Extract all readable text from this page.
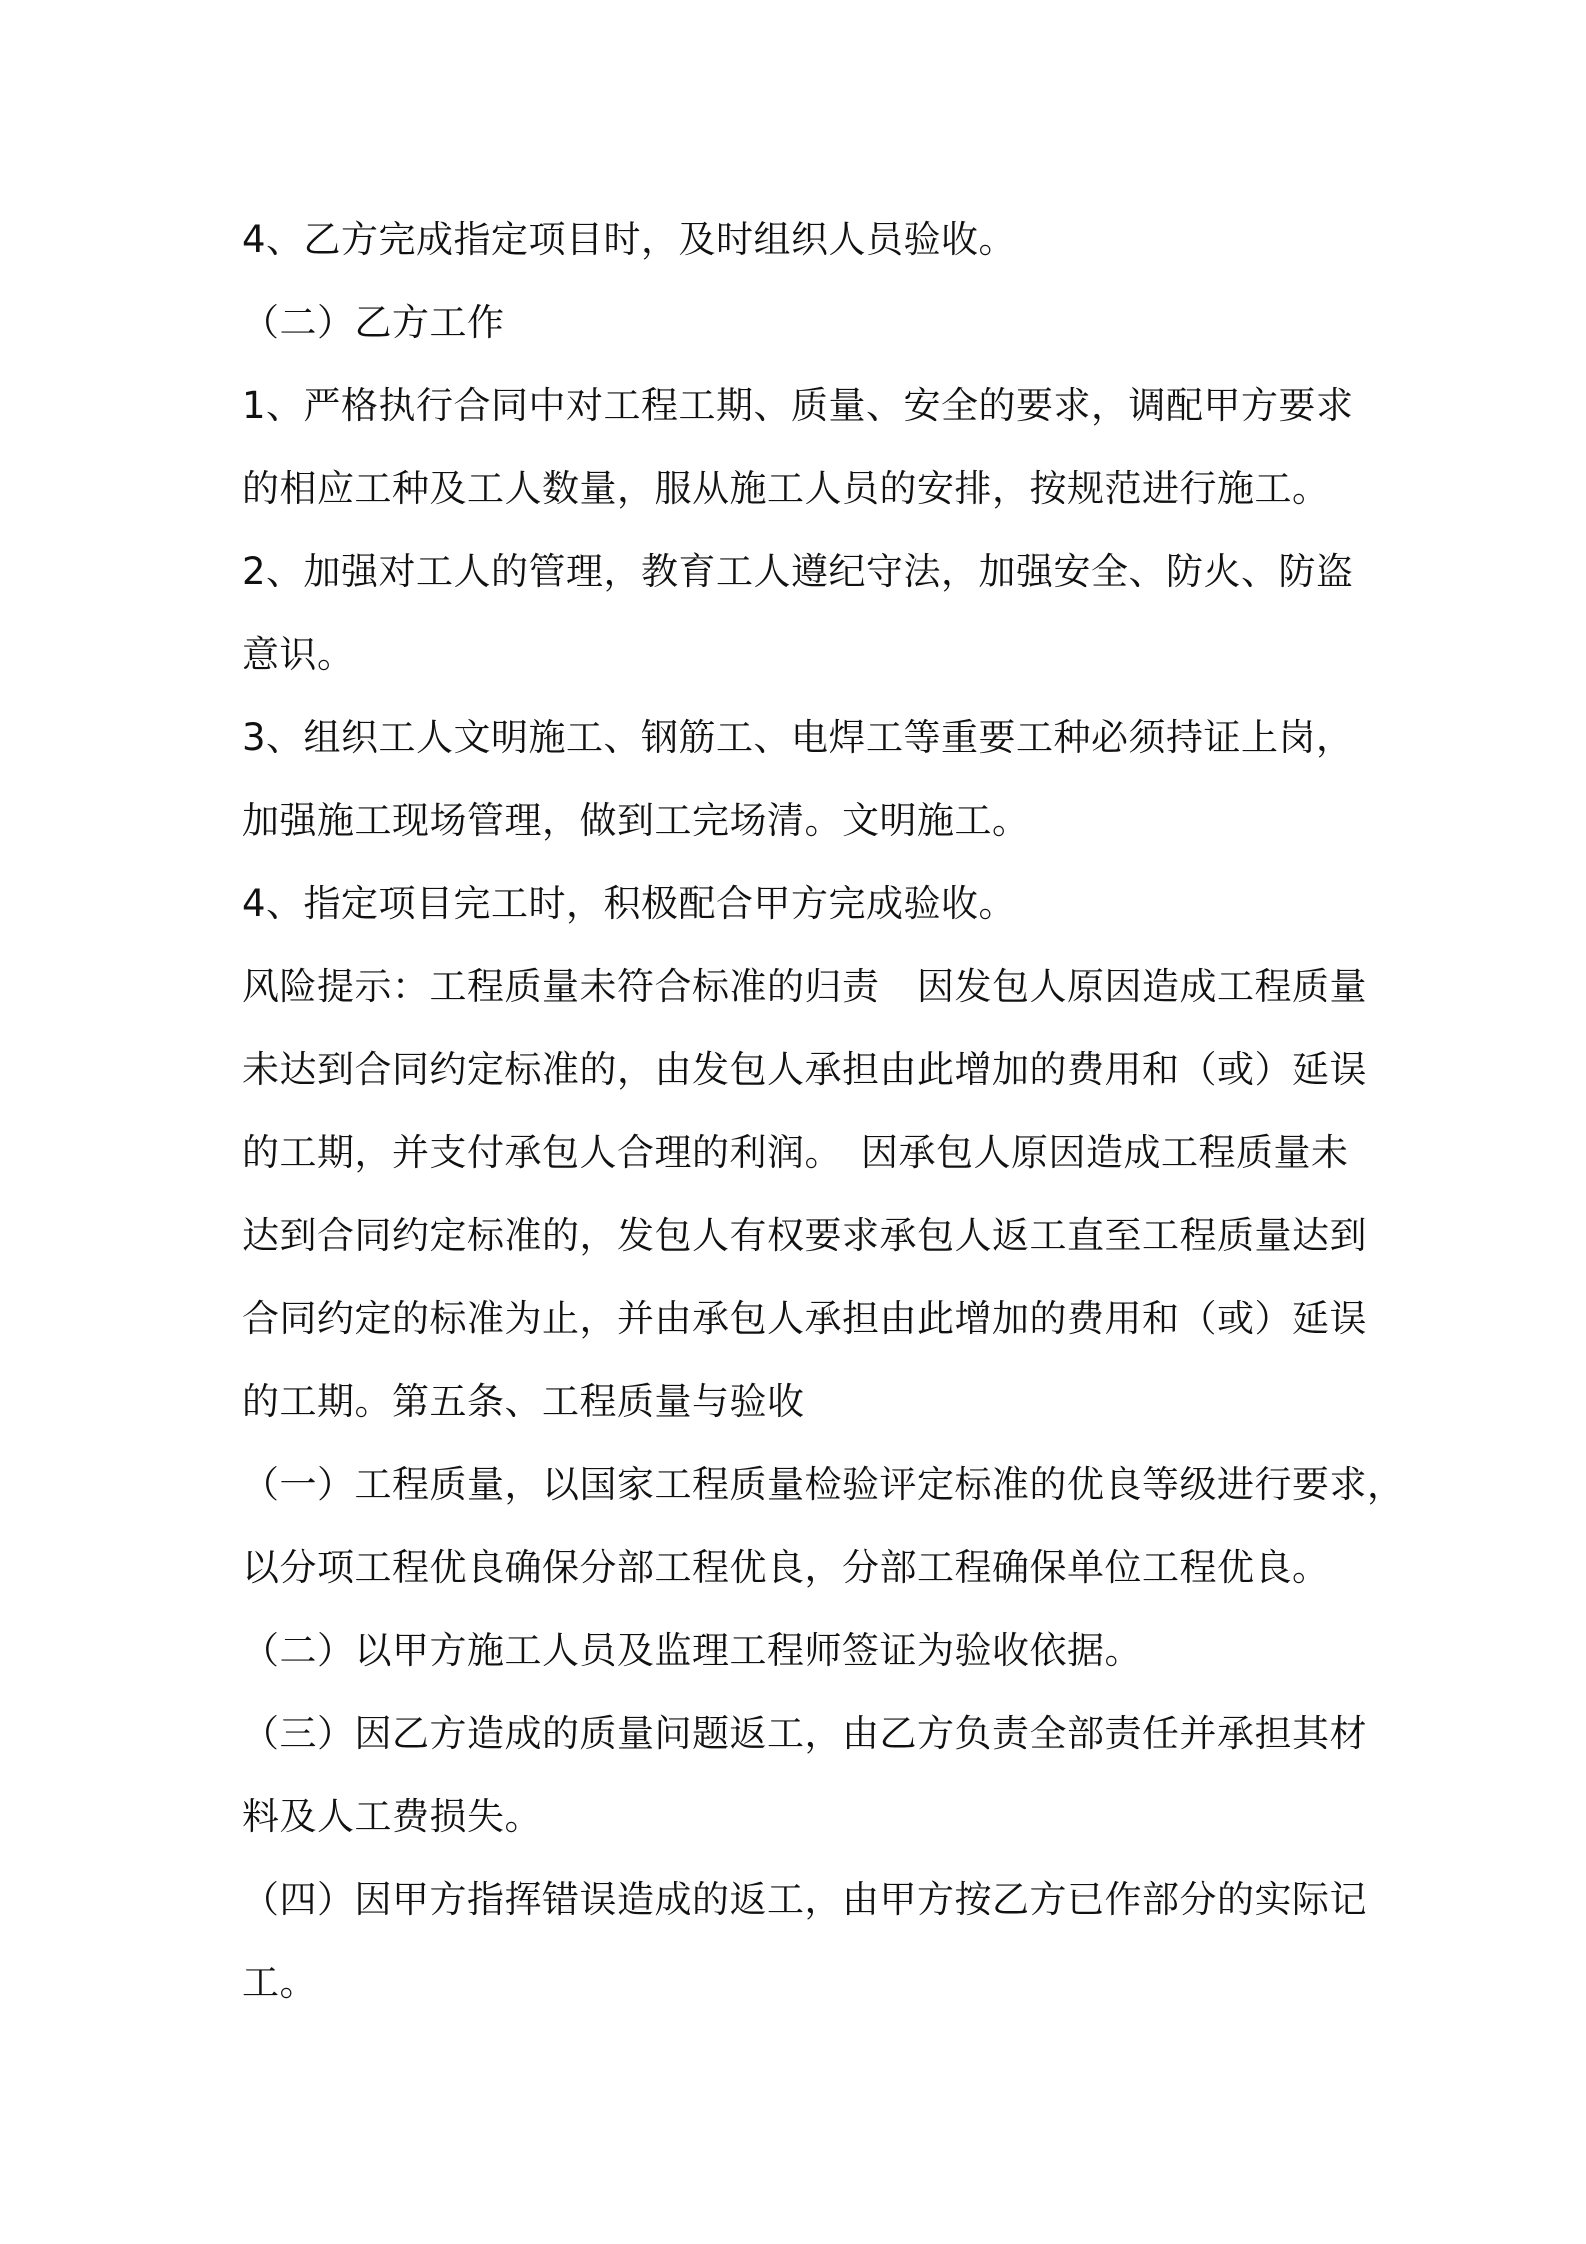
4、乙方完成指定项目时，及时组织人员验收。
（二）乙方工作
1、严格执行合同中对工程工期、质量、安全的要求，调配甲方要求
的相应工种及工人数量，服从施工人员的安排，按规范进行施工。
2、加强对工人的管理，教育工人遵纪守法，加强安全、防火、防盗
意识。
3、组织工人文明施工、钢筋工、电焊工等重要工种必须持证上岗，
加强施工现场管理，做到工完场清。文明施工。
4、指定项目完工时，积极配合甲方完成验收。
风险提示：工程质量未符合标准的归责　因发包人原因造成工程质量
未达到合同约定标准的，由发包人承担由此增加的费用和（或）延误
的工期，并支付承包人合理的利润。　因承包人原因造成工程质量未
达到合同约定标准的，发包人有权要求承包人返工直至工程质量达到
合同约定的标准为止，并由承包人承担由此增加的费用和（或）延误
的工期。第五条、工程质量与验收
（一）工程质量，以国家工程质量检验评定标准的优良等级进行要求，
以分项工程优良确保分部工程优良，分部工程确保单位工程优良。
（二）以甲方施工人员及监理工程师签证为验收依据。
（三）因乙方造成的质量问题返工，由乙方负责全部责任并承担其材
料及人工费损失。
（四）因甲方指挥错误造成的返工，由甲方按乙方已作部分的实际记
工。
